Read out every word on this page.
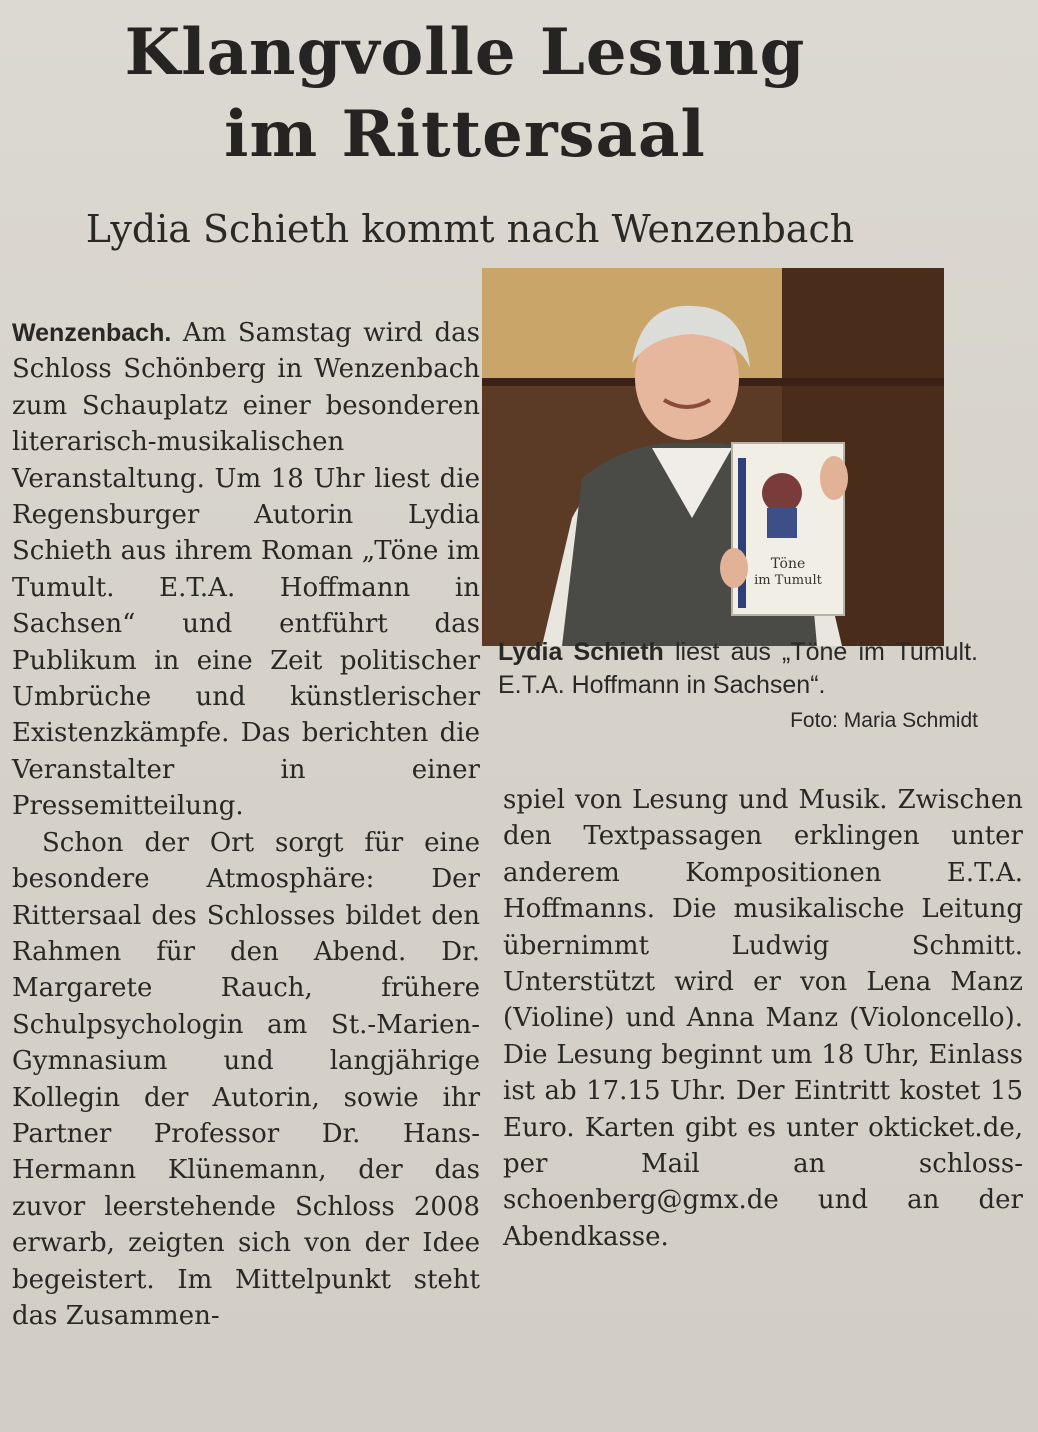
Klangvolle Lesung
im Rittersaal
Lydia Schieth kommt nach Wenzenbach

Wenzenbach. Am Samstag wird das Schloss Schönberg in Wenzenbach zum Schauplatz einer besonderen literarisch-musikalischen Veranstaltung. Um 18 Uhr liest die Regensburger Autorin Lydia Schieth aus ihrem Roman „Töne im Tumult. E.T.A. Hoffmann in Sachsen“ und entführt das Publikum in eine Zeit politischer Umbrüche und künstlerischer Existenzkämpfe. Das berichten die Veranstalter in einer Pressemitteilung.

Schon der Ort sorgt für eine besondere Atmosphäre: Der Rittersaal des Schlosses bildet den Rahmen für den Abend. Dr. Margarete Rauch, frühere Schulpsychologin am St.-Marien-Gymnasium und langjährige Kollegin der Autorin, sowie ihr Partner Professor Dr. Hans-Hermann Klünemann, der das zuvor leerstehende Schloss 2008 erwarb, zeigten sich von der Idee begeistert. Im Mittelpunkt steht das Zusammen-

Töne
im Tumult
Lydia Schieth liest aus „Töne im Tumult. E.T.A. Hoffmann in Sachsen“.
Foto: Maria Schmidt

spiel von Lesung und Musik. Zwischen den Textpassagen erklingen unter anderem Kompositionen E.T.A. Hoffmanns. Die musikalische Leitung übernimmt Ludwig Schmitt. Unterstützt wird er von Lena Manz (Violine) und Anna Manz (Violoncello). Die Lesung beginnt um 18 Uhr, Einlass ist ab 17.15 Uhr. Der Eintritt kostet 15 Euro. Karten gibt es unter okticket.de, per Mail an schloss-schoenberg@gmx.de und an der Abendkasse.
